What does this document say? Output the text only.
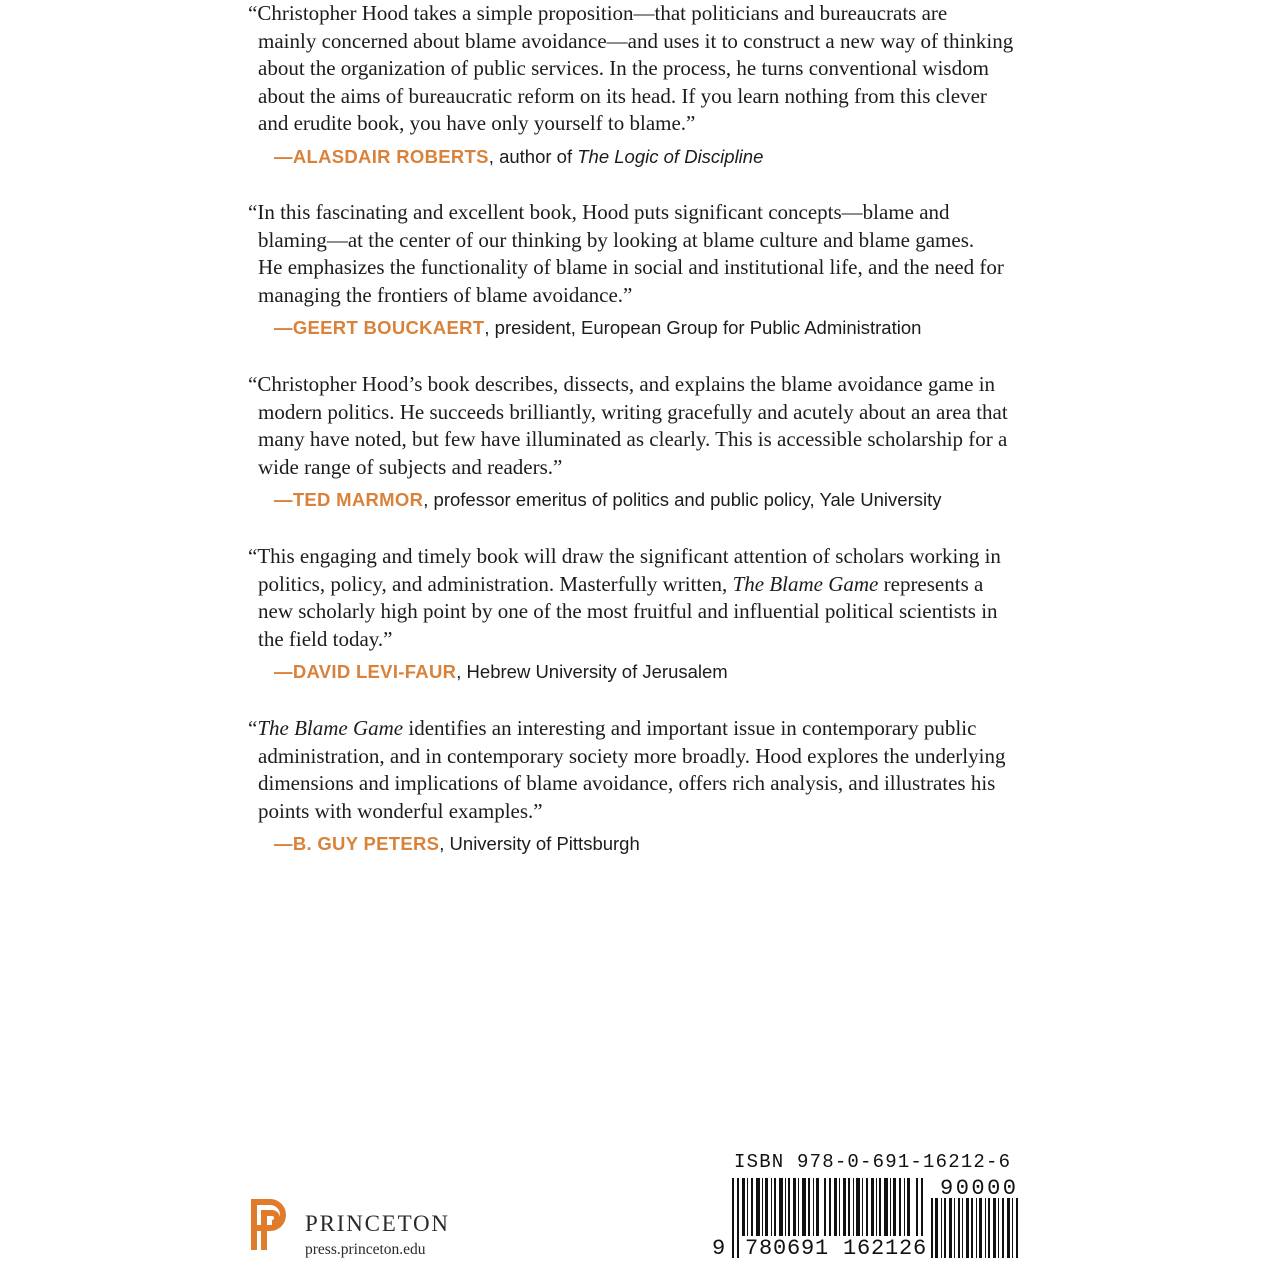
“Christopher Hood takes a simple proposition—that politicians and bureaucrats are
mainly concerned about blame avoidance—and uses it to construct a new way of thinking
about the organization of public services. In the process, he turns conventional wisdom
about the aims of bureaucratic reform on its head. If you learn nothing from this clever
and erudite book, you have only yourself to blame.”
—ALASDAIR ROBERTS, author of The Logic of Discipline
“In this fascinating and excellent book, Hood puts significant concepts—blame and
blaming—at the center of our thinking by looking at blame culture and blame games.
He emphasizes the functionality of blame in social and institutional life, and the need for
managing the frontiers of blame avoidance.”
—GEERT BOUCKAERT, president, European Group for Public Administration
“Christopher Hood’s book describes, dissects, and explains the blame avoidance game in
modern politics. He succeeds brilliantly, writing gracefully and acutely about an area that
many have noted, but few have illuminated as clearly. This is accessible scholarship for a
wide range of subjects and readers.”
—TED MARMOR, professor emeritus of politics and public policy, Yale University
“This engaging and timely book will draw the significant attention of scholars working in
politics, policy, and administration. Masterfully written, The Blame Game represents a
new scholarly high point by one of the most fruitful and influential political scientists in
the field today.”
—DAVID LEVI-FAUR, Hebrew University of Jerusalem
“The Blame Game identifies an interesting and important issue in contemporary public
administration, and in contemporary society more broadly. Hood explores the underlying
dimensions and implications of blame avoidance, offers rich analysis, and illustrates his
points with wonderful examples.”
—B. GUY PETERS, University of Pittsburgh
PRINCETON
press.princeton.edu
ISBN 978-0-691-16212-6
90000
9 780691 162126
